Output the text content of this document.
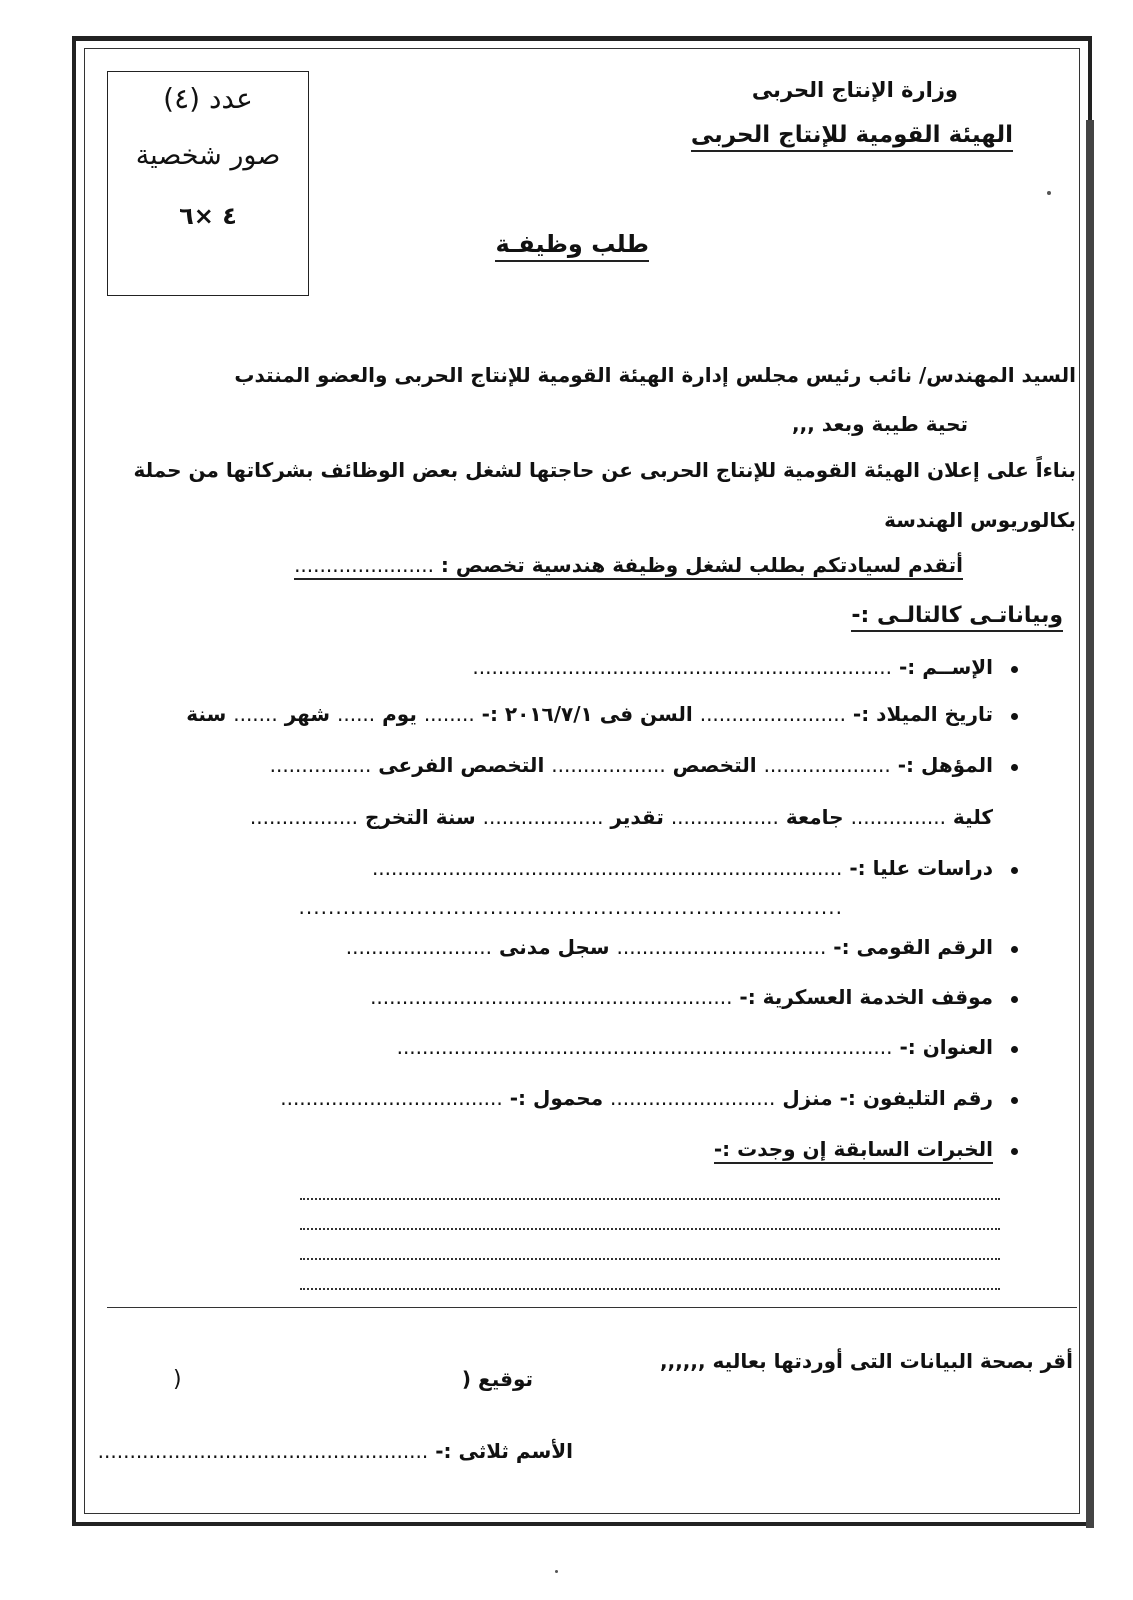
عدد (٤)
صور شخصية
٤ ×٦
وزارة الإنتاج الحربى
الهيئة القومية للإنتاج الحربى
طلب وظيفـة
السيد المهندس/ نائب رئيس مجلس إدارة الهيئة القومية للإنتاج الحربى والعضو المنتدب
تحية طيبة وبعد ,,,
بناءاً على إعلان الهيئة القومية للإنتاج الحربى عن حاجتها لشغل بعض الوظائف بشركاتها من حملة
بكالوريوس الهندسة
أتقدم لسيادتكم بطلب لشغل وظيفة هندسية تخصص : ......................
وبياناتـى كالتالـى :-
الإســم :- ..................................................................
تاريخ الميلاد :- ....................... السن فى ٢٠١٦/٧/١ :- ........ يوم ...... شهر ....... سنة
المؤهل :- .................... التخصص .................. التخصص الفرعى ................
كلية ............... جامعة ................. تقدير ................... سنة التخرج .................
دراسات عليا :- ..........................................................................
..........................................................................
الرقم القومى :- ................................. سجل مدنى .......................
موقف الخدمة العسكرية :- .........................................................
العنوان :- ..............................................................................
رقم التليفون :- منزل .......................... محمول :- ...................................
الخبرات السابقة إن وجدت :-
أقر بصحة البيانات التى أوردتها بعاليه ,,,,,,
توقيع (
)
الأسم ثلاثى :- ....................................................
